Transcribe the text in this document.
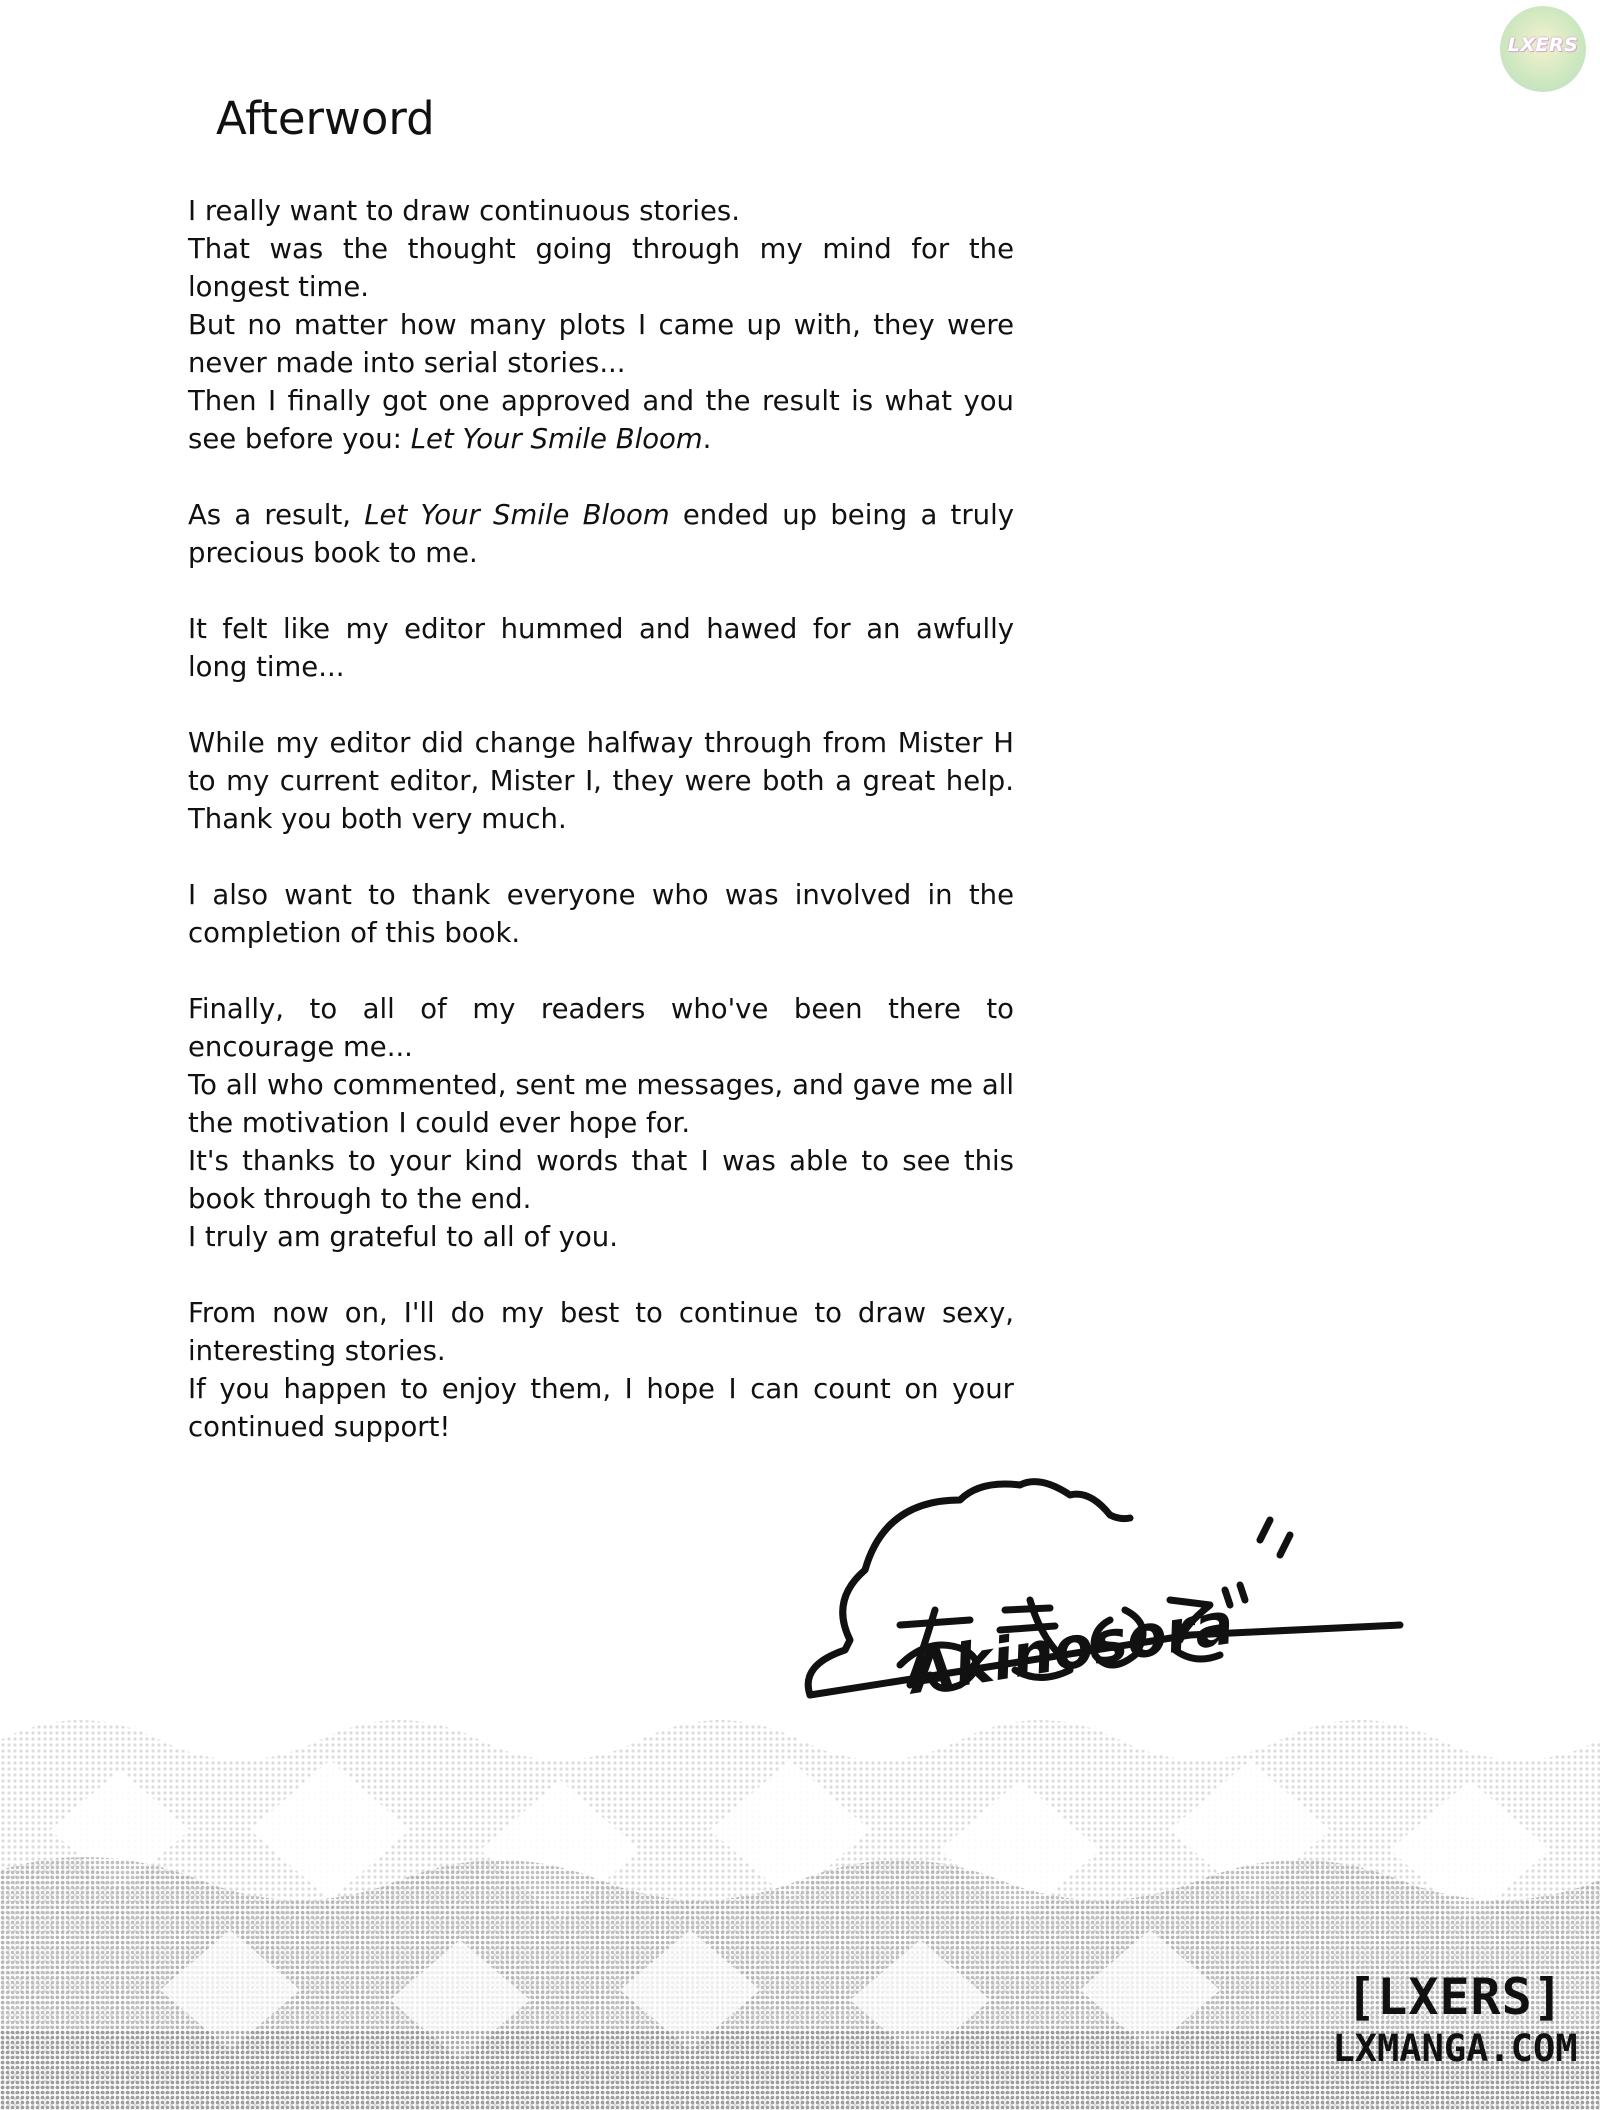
LXERS
Afterword

I really want to draw continuous stories.
That was the thought going through my mind for the longest time.
But no matter how many plots I came up with, they were never made into serial stories...
Then I finally got one approved and the result is what you see before you: Let Your Smile Bloom.

As a result, Let Your Smile Bloom ended up being a truly precious book to me.

It felt like my editor hummed and hawed for an awfully long time...

While my editor did change halfway through from Mister H to my current editor, Mister I, they were both a great help. Thank you both very much.

I also want to thank everyone who was involved in the completion of this book.

Finally, to all of my readers who've been there to encourage me...
To all who commented, sent me messages, and gave me all the motivation I could ever hope for.
It's thanks to your kind words that I was able to see this book through to the end.
I truly am grateful to all of you.

From now on, I'll do my best to continue to draw sexy, interesting stories.
If you happen to enjoy them, I hope I can count on your continued support!

Akinosora
[LXERS]
LXMANGA.COM
